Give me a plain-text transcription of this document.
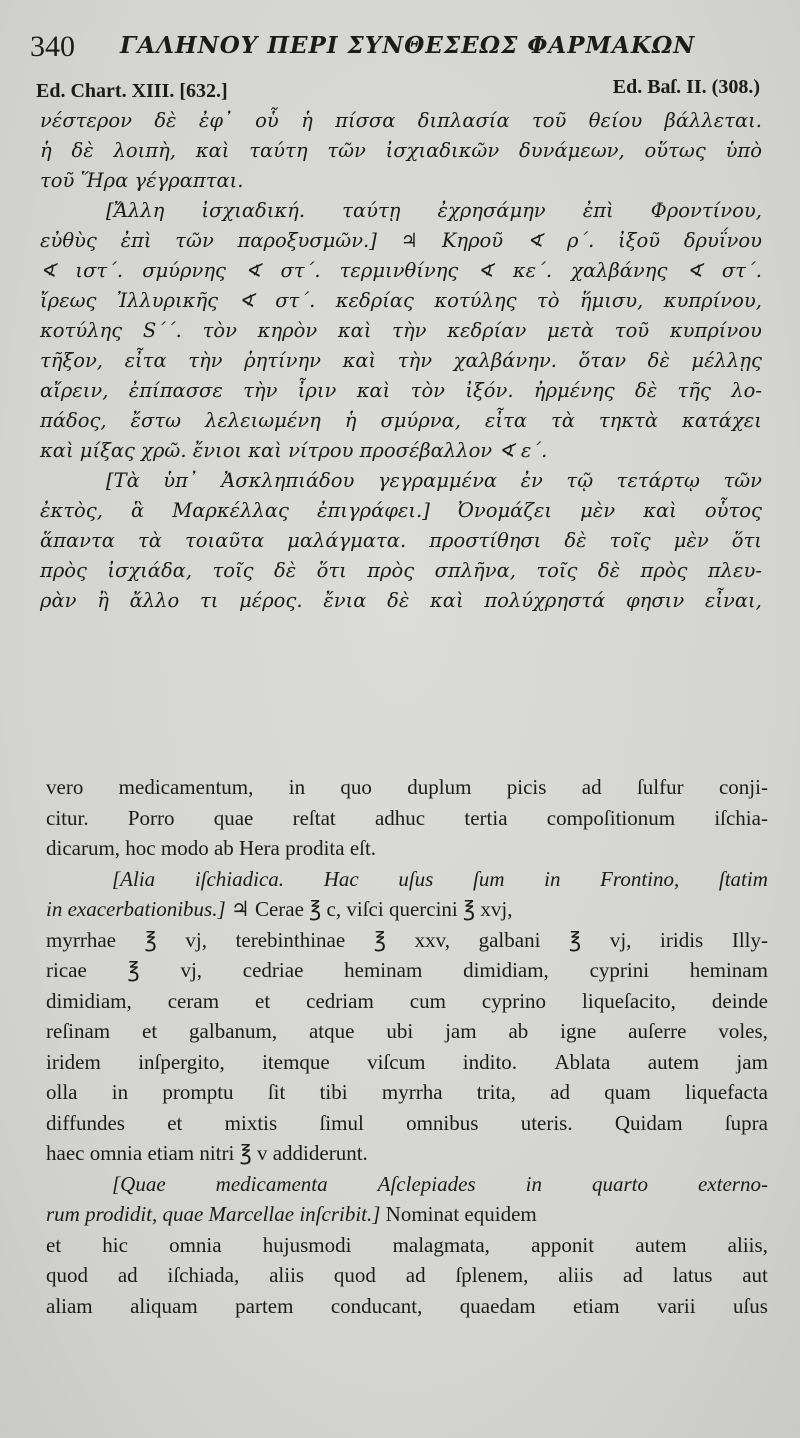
340 ΓΑΛΗΝΟΥ ΠΕΡΙ ΣΥΝΘΕΣΕΩΣ ΦΑΡΜΑΚΩΝ
Ed. Chart. XIII. [632.]	Ed. Baſ. II. (308.)
νέστερον δὲ ἐφ᾽ οὗ ἡ πίσσα διπλασία τοῦ θείου βάλλεται.
ἡ δὲ λοιπὴ, καὶ ταύτη τῶν ἰσχιαδικῶν δυνάμεων, οὕτως ὑπὸ
τοῦ Ἥρα γέγραπται.
[Ἄλλη ἰσχιαδική. ταύτῃ ἐχρησάμην ἐπὶ Φροντίνου,
εὐθὺς ἐπὶ τῶν παροξυσμῶν.] ♃ Κηροῦ ∢ ρ΄. ἰξοῦ δρυΐνου
∢ ιστ΄. σμύρνης ∢ στ΄. τερμινθίνης ∢ κε΄. χαλβάνης ∢ στ΄.
ἴρεως Ἰλλυρικῆς ∢ στ΄. κεδρίας κοτύλης τὸ ἥμισυ, κυπρίνου,
κοτύλης S΄΄. τὸν κηρὸν καὶ τὴν κεδρίαν μετὰ τοῦ κυπρίνου
τῆξον, εἶτα τὴν ῥητίνην καὶ τὴν χαλβάνην. ὅταν δὲ μέλλῃς
αἴρειν, ἐπίπασσε τὴν ἶριν καὶ τὸν ἰξόν. ἠρμένης δὲ τῆς λο-
πάδος, ἔστω λελειωμένη ἡ σμύρνα, εἶτα τὰ τηκτὰ κατάχει
καὶ μίξας χρῶ. ἔνιοι καὶ νίτρου προσέβαλλον ∢ ε΄.
[Τὰ ὑπ᾽ Ἀσκληπιάδου γεγραμμένα ἐν τῷ τετάρτῳ τῶν
ἐκτὸς, ἃ Μαρκέλλας ἐπιγράφει.] Ὀνομάζει μὲν καὶ οὗτος
ἅπαντα τὰ τοιαῦτα μαλάγματα. προστίθησι δὲ τοῖς μὲν ὅτι
πρὸς ἰσχιάδα, τοῖς δὲ ὅτι πρὸς σπλῆνα, τοῖς δὲ πρὸς πλευ-
ρὰν ἢ ἄλλο τι μέρος. ἔνια δὲ καὶ πολύχρηστά φησιν εἶναι,
vero medicamentum, in quo duplum picis ad ſulfur conji-
citur. Porro quae reſtat adhuc tertia compoſitionum iſchia-
dicarum, hoc modo ab Hera prodita eſt.
[Alia iſchiadica. Hac uſus ſum in Frontino, ſtatim
in exacerbationibus.] ♃ Cerae ℥ c, viſci quercini ℥ xvj,
myrrhae ℥ vj, terebinthinae ℥ xxv, galbani ℥ vj, iridis Illy-
ricae ℥ vj, cedriae heminam dimidiam, cyprini heminam
dimidiam, ceram et cedriam cum cyprino liqueſacito, deinde
reſinam et galbanum, atque ubi jam ab igne auſerre voles,
iridem inſpergito, itemque viſcum indito. Ablata autem jam
olla in promptu ſit tibi myrrha trita, ad quam liquefacta
diffundes et mixtis ſimul omnibus uteris. Quidam ſupra
haec omnia etiam nitri ℥ v addiderunt.
[Quae medicamenta Aſclepiades in quarto externo-
rum prodidit, quae Marcellae inſcribit.] Nominat equidem
et hic omnia hujusmodi malagmata, apponit autem aliis,
quod ad iſchiada, aliis quod ad ſplenem, aliis ad latus aut
aliam aliquam partem conducant, quaedam etiam varii uſus
